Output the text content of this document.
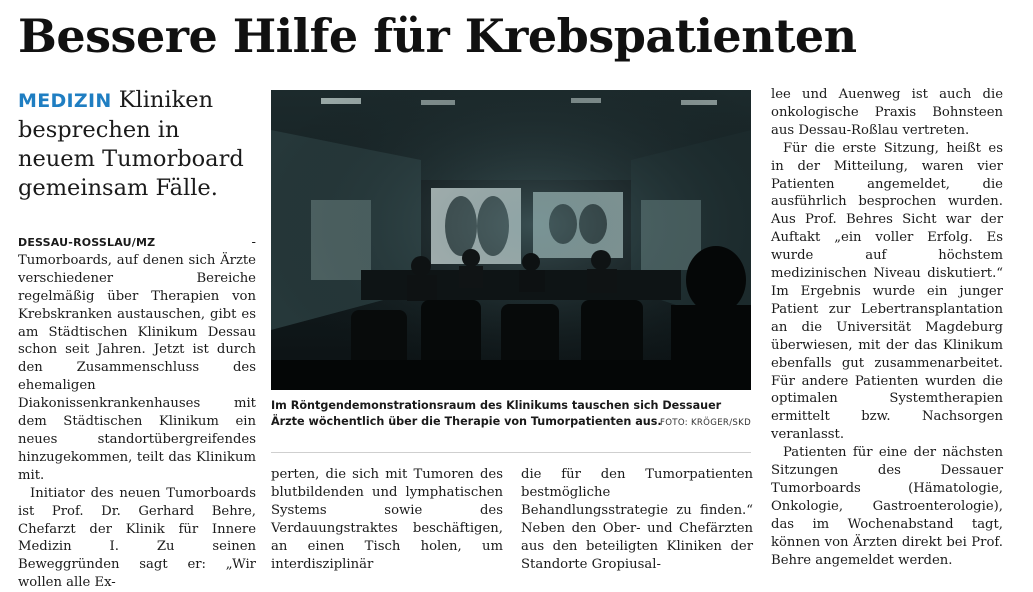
Bessere Hilfe für Krebspatienten
MEDIZIN Kliniken besprechen in neuem Tumorboard gemeinsam Fälle.

DESSAU-ROSSLAU/MZ	- Tumorboards, auf denen sich Ärzte verschiedener Bereiche regelmäßig über Therapien von Krebskranken austauschen, gibt es am Städtischen Klinikum Dessau schon seit Jahren. Jetzt ist durch den Zusammenschluss des ehemaligen Diakonissenkrankenhauses mit dem Städtischen Klinikum ein neues standortübergreifendes hinzugekommen, teilt das Klinikum mit.

Initiator des neuen Tumorboards ist Prof. Dr. Gerhard Behre, Chefarzt der Klinik für Innere Medizin I. Zu seinen Beweggründen sagt er: „Wir wollen alle Ex-

Im Röntgendemonstrationsraum des Klinikums tauschen sich Dessauer Ärzte wöchentlich über die Therapie von Tumorpatienten aus.
FOTO: KRÖGER/SKD

perten, die sich mit Tumoren des blutbildenden und lymphatischen Systems sowie des Verdauungstraktes beschäftigen, an einen Tisch holen, um interdisziplinär

die für den Tumorpatienten bestmögliche Behandlungsstrategie zu finden.“ Neben den Ober- und Chefärzten aus den beteiligten Kliniken der Standorte Gropiusal-

lee und Auenweg ist auch die onkologische Praxis Bohnsteen aus Dessau-Roßlau vertreten.

Für die erste Sitzung, heißt es in der Mitteilung, waren vier Patienten angemeldet, die ausführlich besprochen wurden. Aus Prof. Behres Sicht war der Auftakt „ein voller Erfolg. Es wurde auf höchstem medizinischen Niveau diskutiert.“ Im Ergebnis wurde ein junger Patient zur Lebertransplantation an die Universität Magdeburg überwiesen, mit der das Klinikum ebenfalls gut zusammenarbeitet. Für andere Patienten wurden die optimalen Systemtherapien ermittelt bzw. Nachsorgen veranlasst.

Patienten für eine der nächsten Sitzungen des Dessauer Tumorboards (Hämatologie, Onkologie, Gastroenterologie), das im Wochenabstand tagt, können von Ärzten direkt bei Prof. Behre angemeldet werden.
